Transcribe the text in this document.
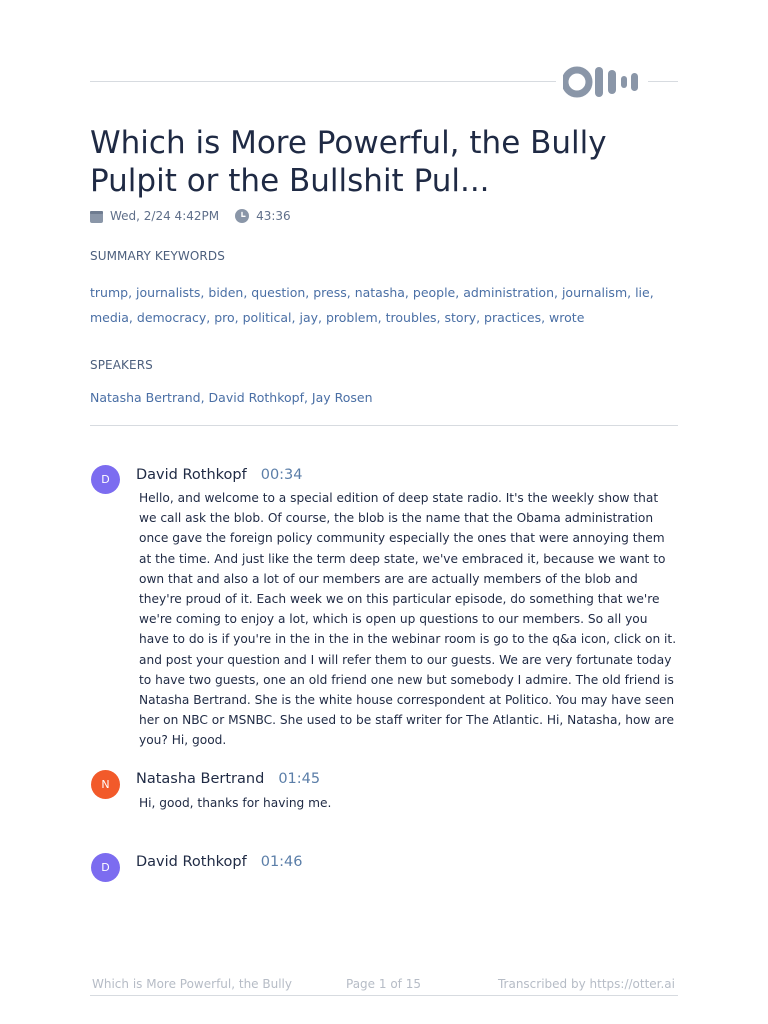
Which is More Powerful, the Bully Pulpit or the Bullshit Pul...
Wed, 2/24 4:42PM	43:36
SUMMARY KEYWORDS
trump, journalists, biden, question, press, natasha, people, administration, journalism, lie, media, democracy, pro, political, jay, problem, troubles, story, practices, wrote
SPEAKERS
Natasha Bertrand, David Rothkopf, Jay Rosen
D	David Rothkopf 00:34
Hello, and welcome to a special edition of deep state radio. It's the weekly show that we call ask the blob. Of course, the blob is the name that the Obama administration once gave the foreign policy community especially the ones that were annoying them at the time. And just like the term deep state, we've embraced it, because we want to own that and also a lot of our members are are actually members of the blob and they're proud of it. Each week we on this particular episode, do something that we're we're coming to enjoy a lot, which is open up questions to our members. So all you have to do is if you're in the in the in the webinar room is go to the q&a icon, click on it. and post your question and I will refer them to our guests. We are very fortunate today to have two guests, one an old friend one new but somebody I admire. The old friend is Natasha Bertrand. She is the white house correspondent at Politico. You may have seen her on NBC or MSNBC. She used to be staff writer for The Atlantic. Hi, Natasha, how are you? Hi, good.
N	Natasha Bertrand 01:45
Hi, good, thanks for having me.
D	David Rothkopf 01:46
Which is More Powerful, the Bully	Page 1 of 15	Transcribed by https://otter.ai
